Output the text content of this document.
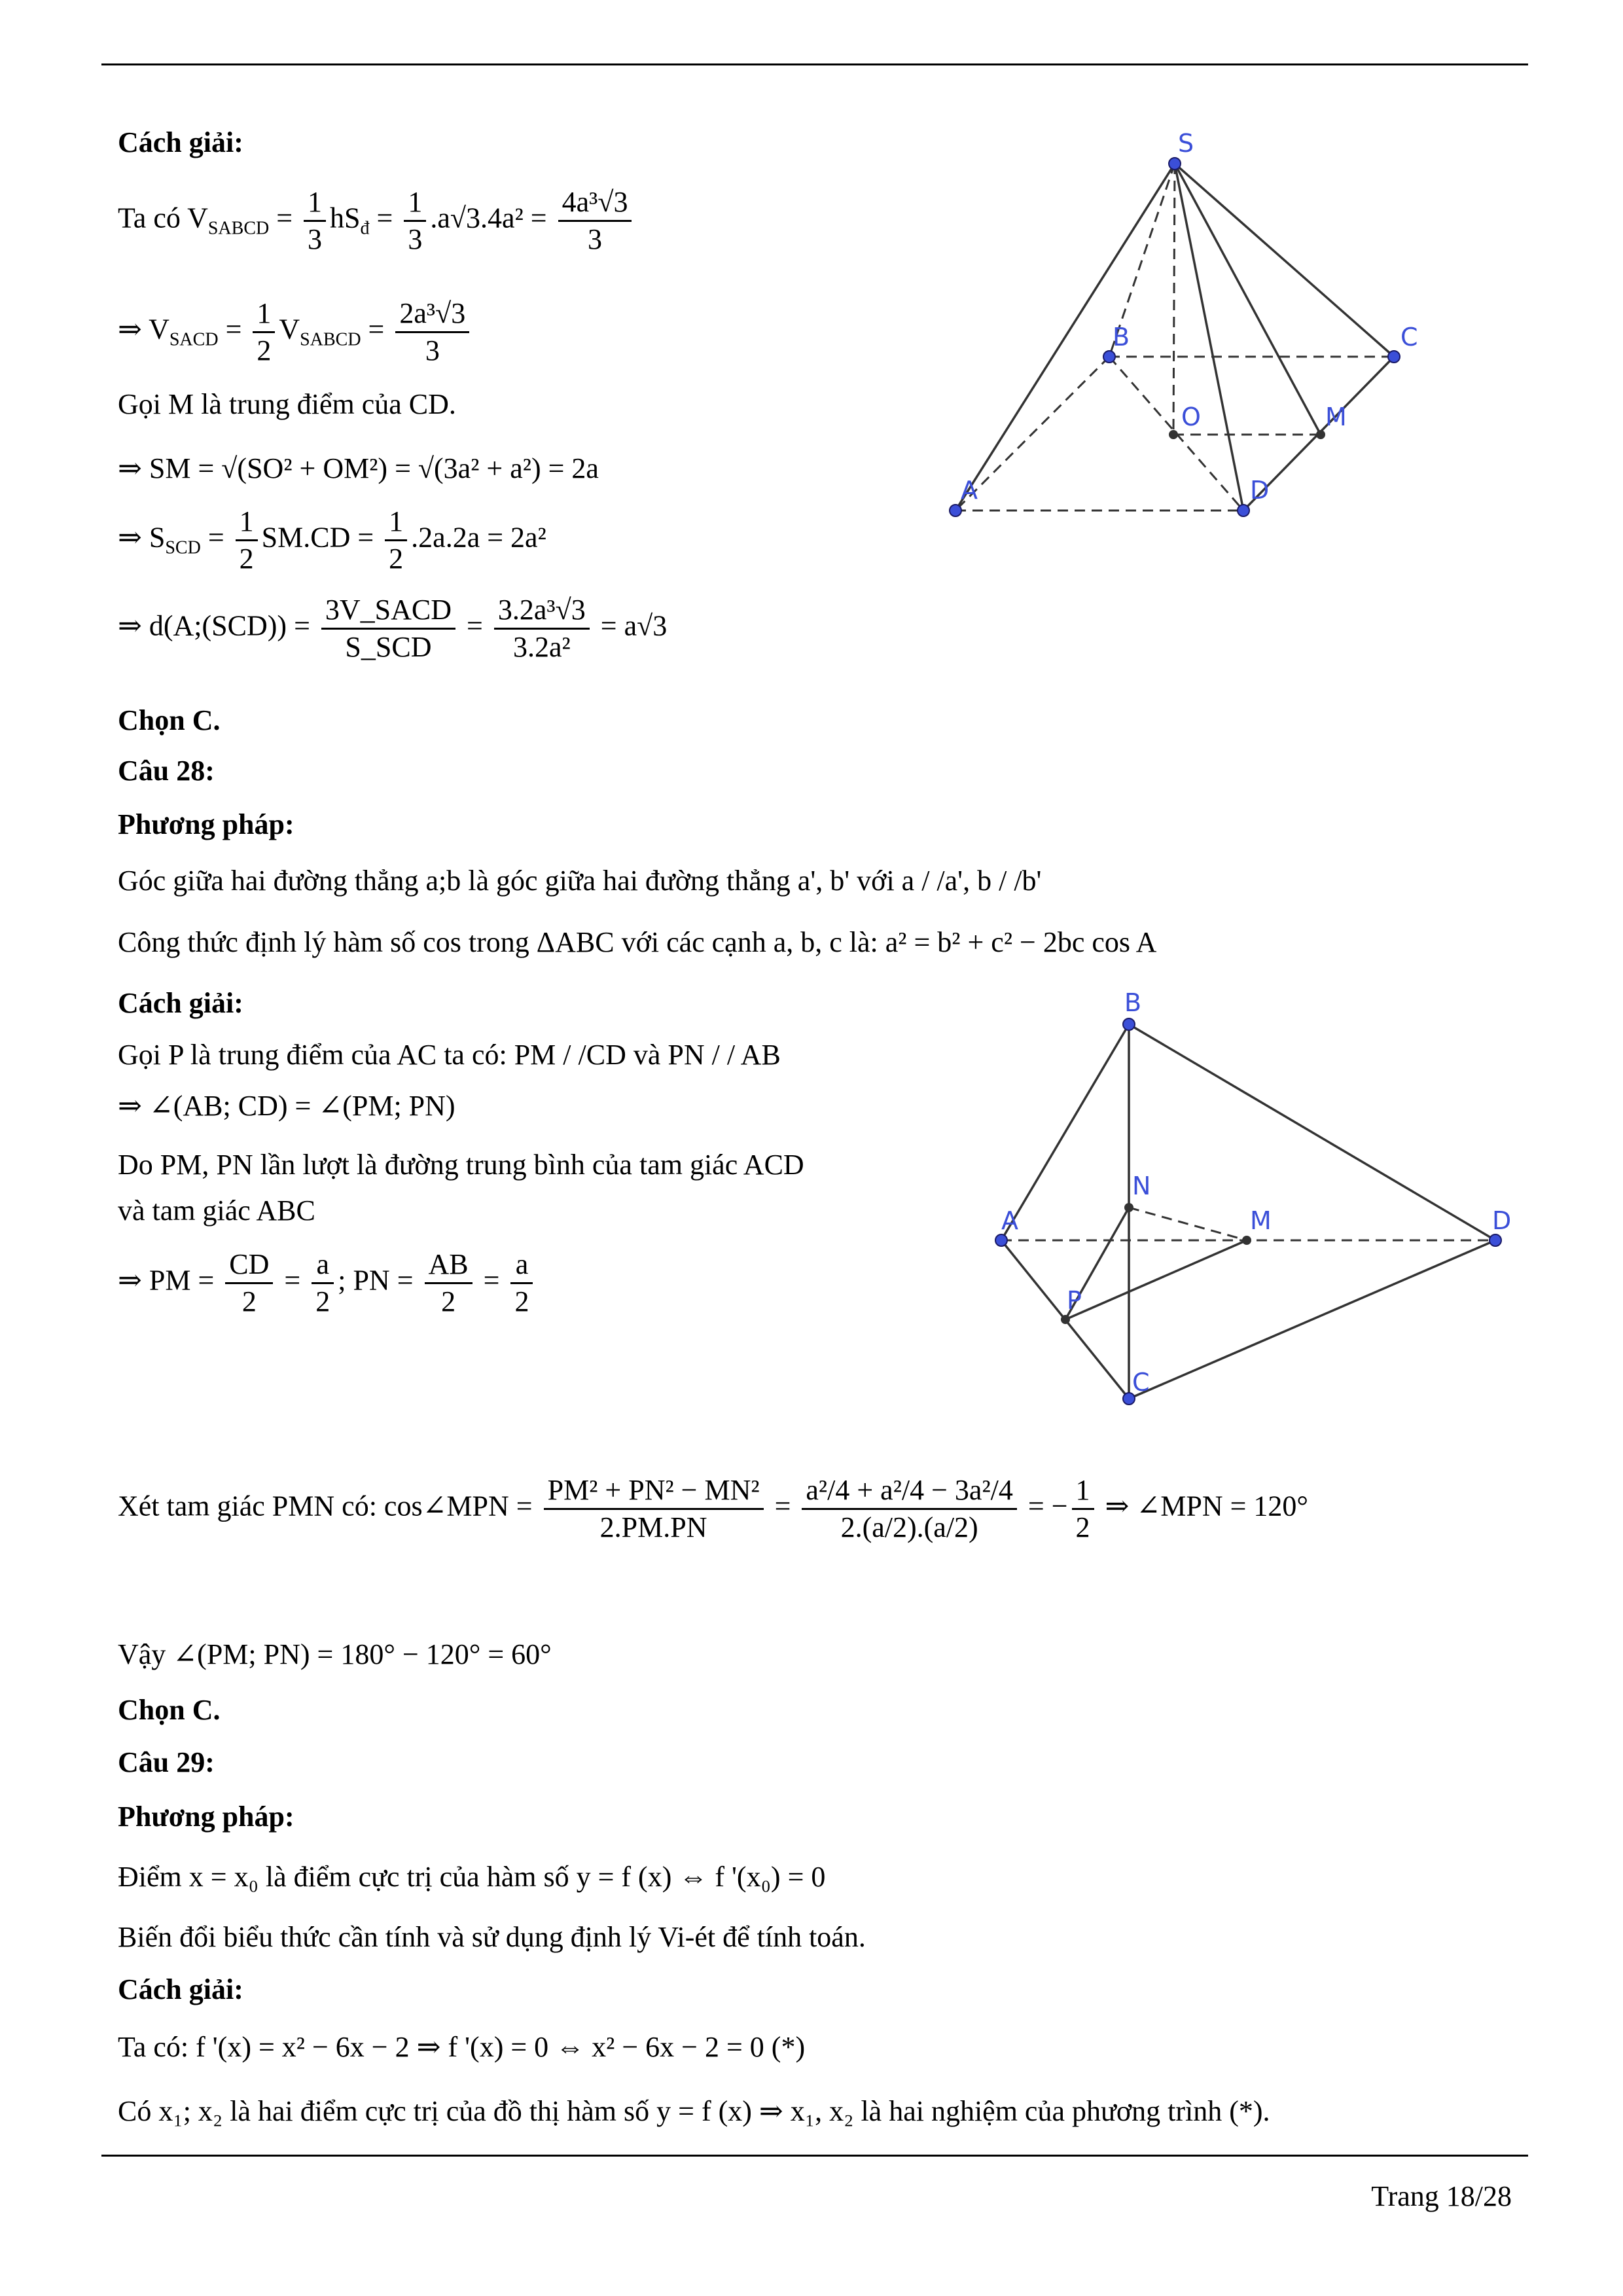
Cách giải:
Ta có $V_{SABCD} = \frac{1}{3} hS_đ = \frac{1}{3} .a√3.4a^2 = \frac{\text{4a³√3}}{3}$
⇒ $V_{SACD} = \frac{1}{2} V_{SABCD} = \frac{\text{2a³√3}}{3}$
Gọi M là trung điểm của CD.
⇒ SM = √(SO² + OM²) = √(3a² + a²) = 2a
⇒ $S_{SCD} = \frac{1}{2} SM.CD = \frac{1}{2} .2a.2a = 2a^2$
⇒ d(A;(SCD)) = $\frac{\text{3V\_SACD}}{\text{S\_SCD}} = \frac{\text{3.2a³√3}}{\text{3.2a²}} = a√3$
Chọn C.
S
B	C
O	M
A	D
Câu 28:
Phương pháp:
Góc giữa hai đường thẳng a;b là góc giữa hai đường thẳng a', b' với a / /a', b / /b'
Công thức định lý hàm số cos trong ΔABC với các cạnh a, b, c là: a² = b² + c² − 2bc cos A
Cách giải:
Gọi P là trung điểm của AC ta có: PM / /CD và PN / / AB
⇒ ∠(AB; CD) = ∠(PM; PN)
Do PM, PN lần lượt là đường trung bình của tam giác ACD
và tam giác ABC
⇒ PM = $\frac{CD}{2} = \frac{a}{2}$ ; PN = $\frac{AB}{2} = \frac{a}{2}$
Xét tam giác PMN có: cos∠MPN = $\frac{\text{PM² + PN² − MN²}}{2.PM.PN} = \frac{\text{a²/4 + a²/4 − 3a²/4}}{2.(a/2).(a/2)}$ = − $\frac{1}{2}$ ⇒ ∠MPN = 120°
Vậy ∠(PM; PN) = 180° − 120° = 60°
Chọn C.
B
N
A	M	D
P
C
Câu 29:
Phương pháp:
Điểm x = x₀ là điểm cực trị của hàm số y = f (x) ⇔ f '(x₀) = 0
Biến đổi biểu thức cần tính và sử dụng định lý Vi-ét để tính toán.
Cách giải:
Ta có: f '(x) = x² − 6x − 2 ⇒ f '(x) = 0 ⇔ x² − 6x − 2 = 0 (*)
Có x₁; x₂ là hai điểm cực trị của đồ thị hàm số y = f (x) ⇒ x₁, x₂ là hai nghiệm của phương trình (*).
Trang 18/28
